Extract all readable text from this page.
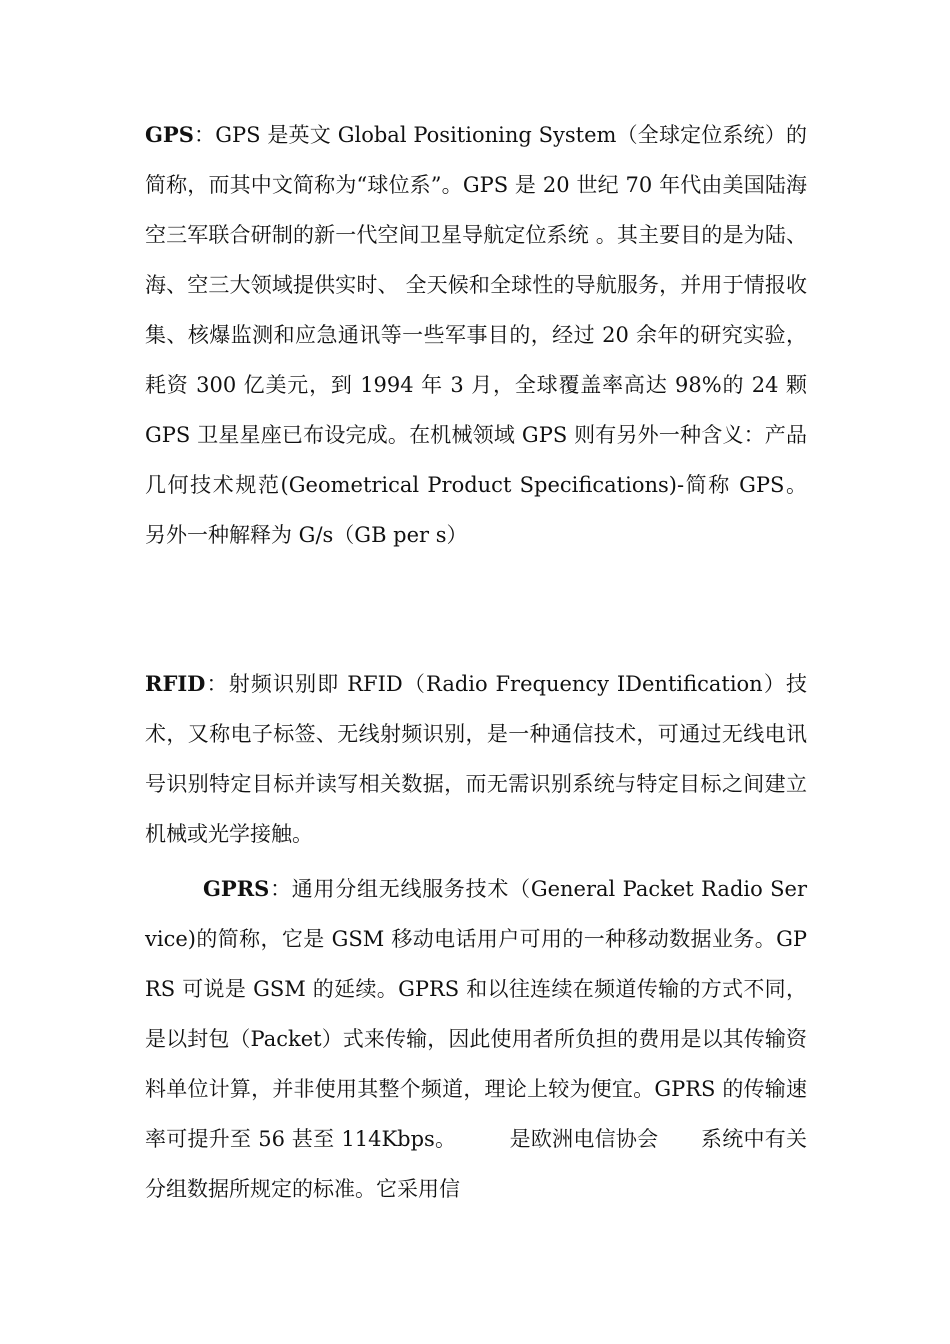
GPS：GPS 是英文 Global Positioning System（全球定位系统）的简称，而其中文简称为“球位系”。GPS 是 20 世纪 70 年代由美国陆海空三军联合研制的新一代空间卫星导航定位系统 。其主要目的是为陆、海、空三大领域提供实时、 全天候和全球性的导航服务，并用于情报收集、核爆监测和应急通讯等一些军事目的，经过 20 余年的研究实验，耗资 300 亿美元，到 1994 年 3 月，全球覆盖率高达 98%的 24 颗 GPS 卫星星座已布设完成。在机械领域 GPS 则有另外一种含义：产品几何技术规范(Geometrical Product Specifications)-简称 GPS。另外一种解释为 G/s（GB per s）

RFID：射频识别即 RFID（Radio Frequency IDentification）技术，又称电子标签、无线射频识别，是一种通信技术，可通过无线电讯号识别特定目标并读写相关数据，而无需识别系统与特定目标之间建立机械或光学接触。

GPRS：通用分组无线服务技术（General Packet Radio Service)的简称，它是 GSM 移动电话用户可用的一种移动数据业务。GPRS 可说是 GSM 的延续。GPRS 和以往连续在频道传输的方式不同，是以封包（Packet）式来传输，因此使用者所负担的费用是以其传输资料单位计算，并非使用其整个频道，理论上较为便宜。GPRS 的传输速率可提升至 56 甚至 114Kbps。　　　是欧洲电信协会　　系统中有关分组数据所规定的标准。它采用信
